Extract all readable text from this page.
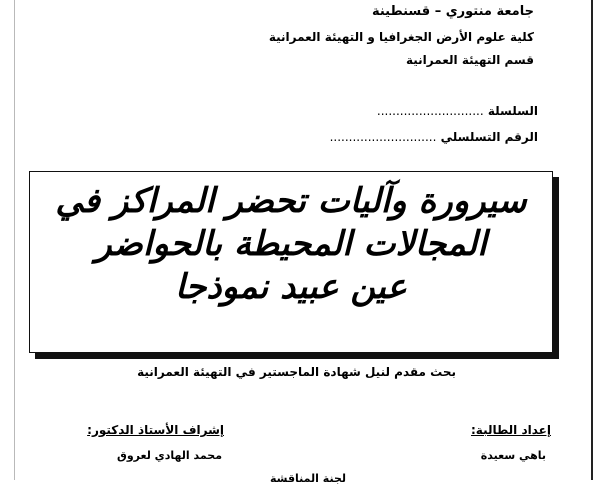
جامعة منتوري – قسنطينة
كلية علوم الأرض الجغرافيا و التهيئة العمرانية
قسم التهيئة العمرانية
السلسلة ............................
الرقم التسلسلي ............................
سيرورة وآليات تحضر المراكز في
المجالات المحيطة بالحواضر
عين عبيد نموذجا
بحث مقدم لنيل شهادة الماجستير في التهيئة العمرانية
إعداد الطالبة:
إشراف الأستاذ الدكتور:
باهي سعيدة
محمد الهادي لعروق
لجنة المناقشة
